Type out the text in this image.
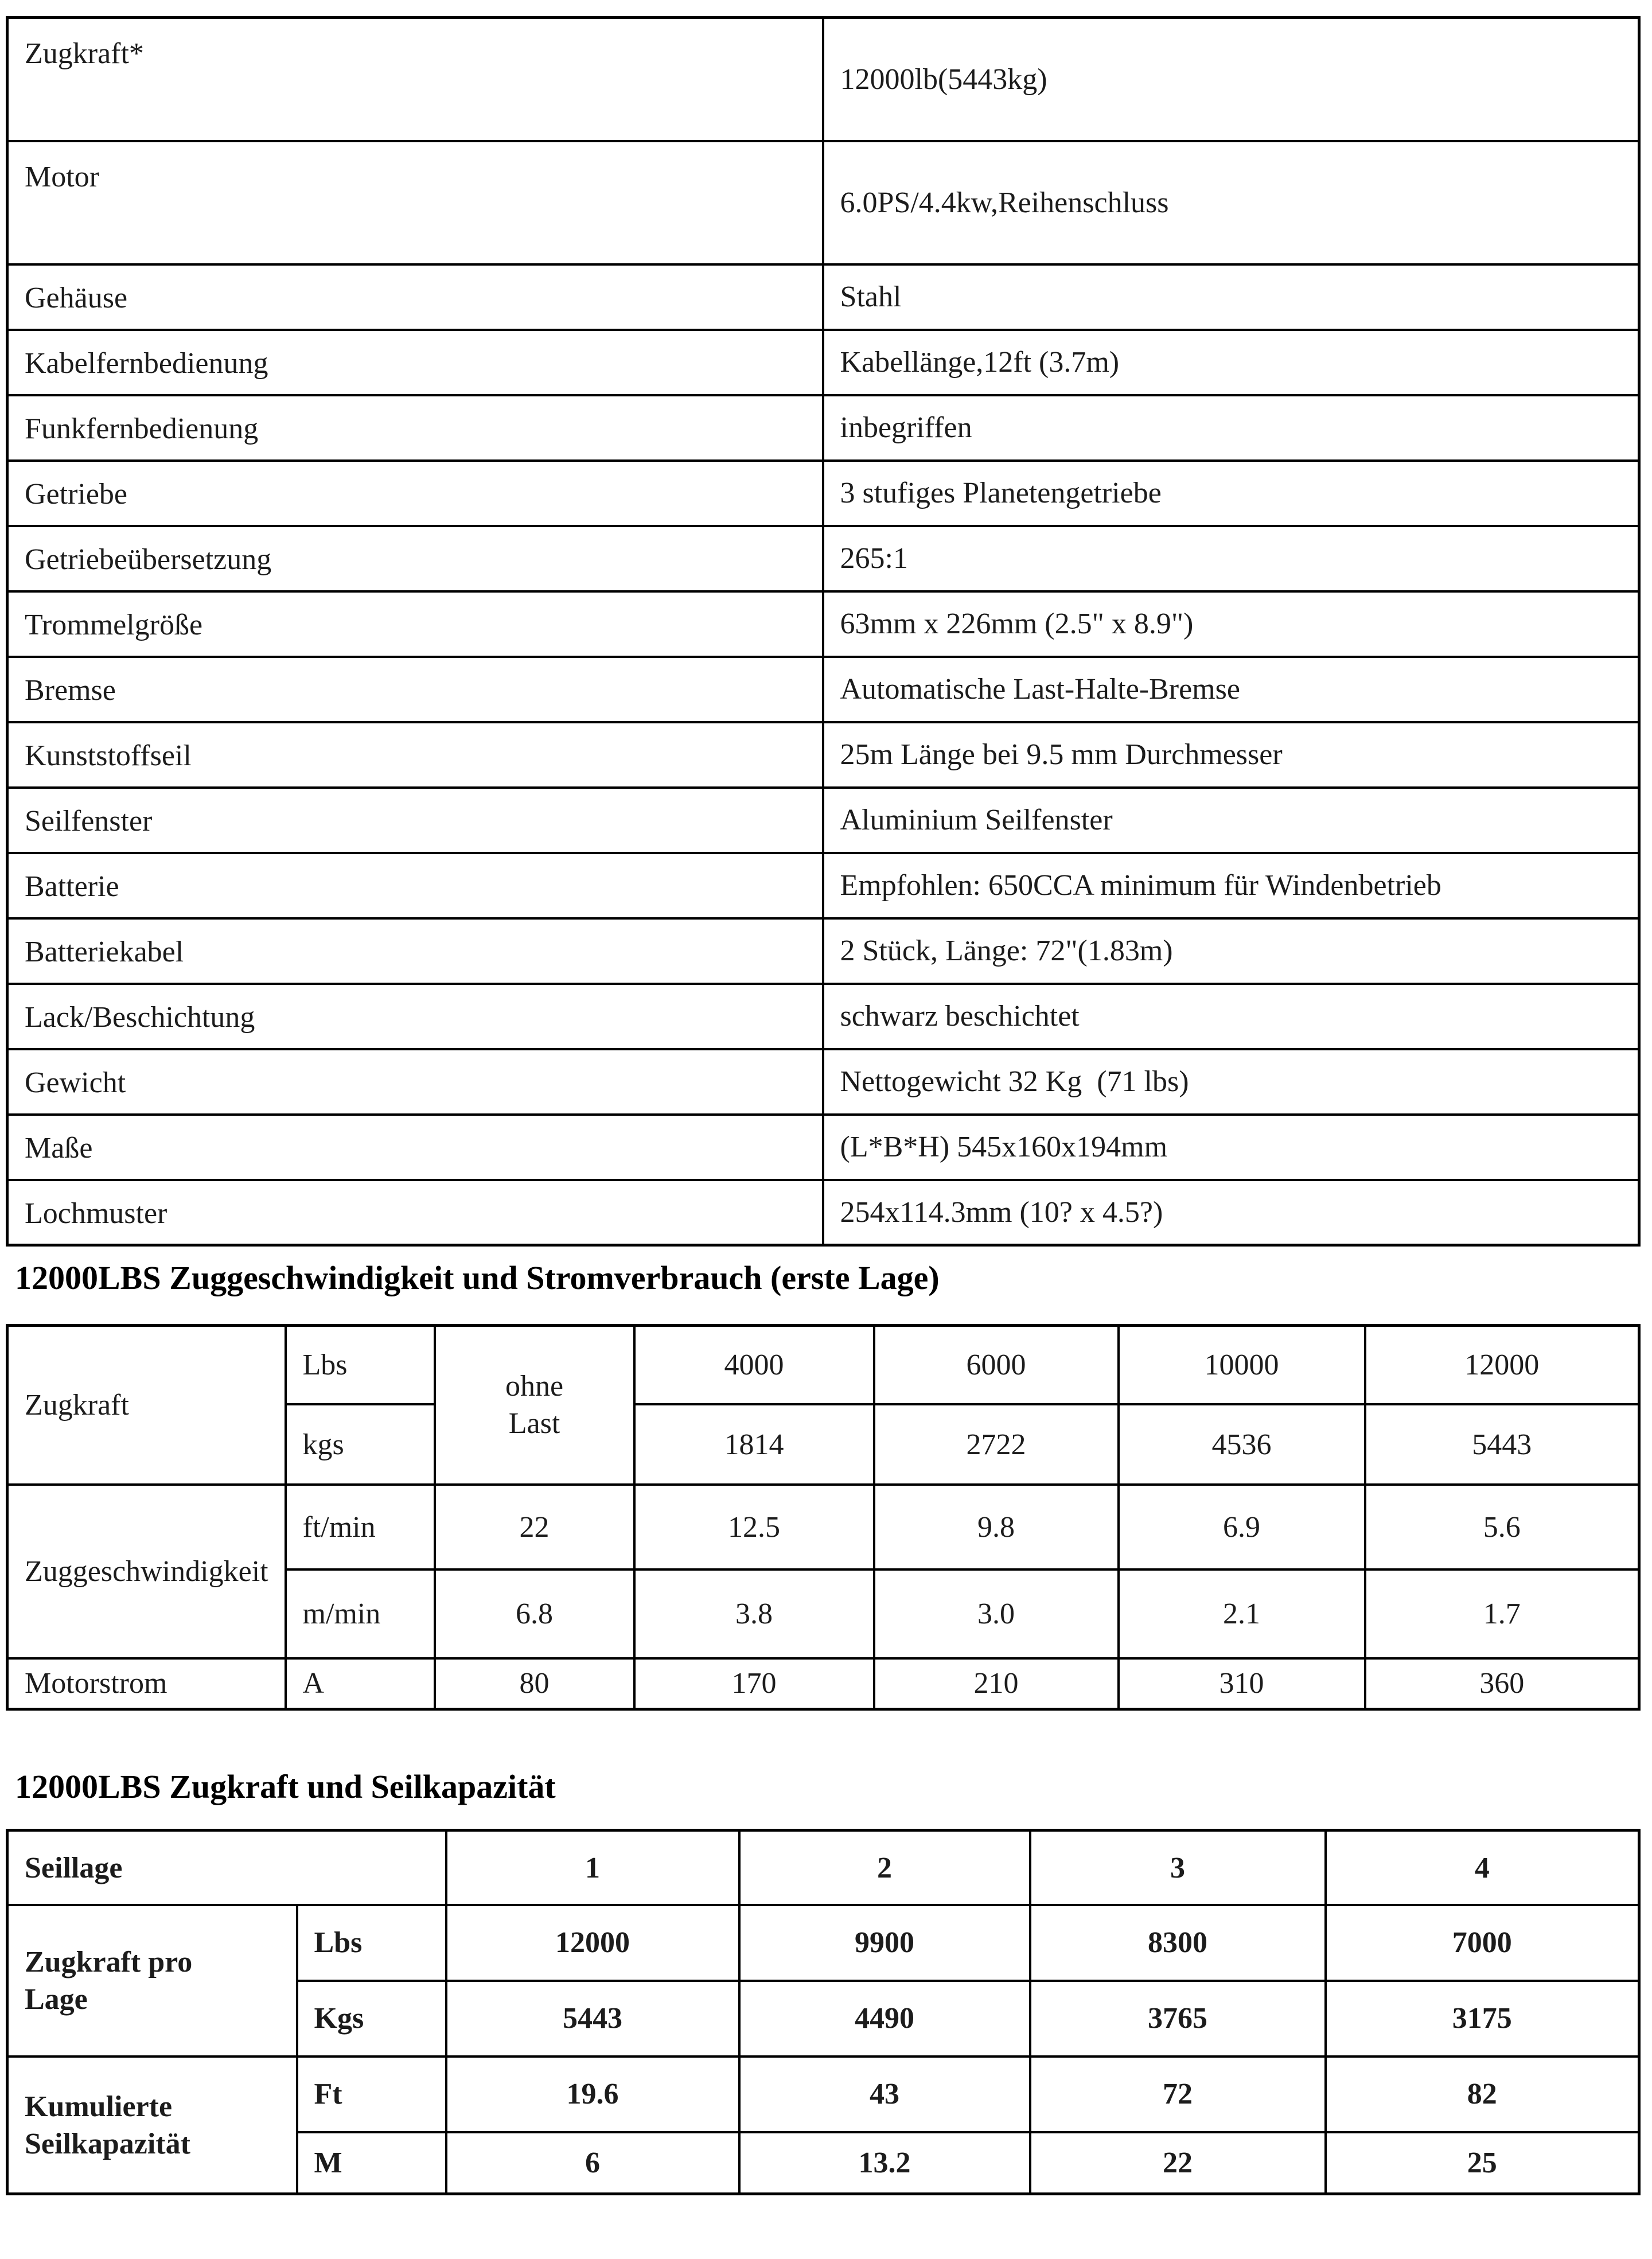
Zugkraft*	12000lb(5443kg)
Motor	6.0PS/4.4kw,Reihenschluss
Gehäuse	Stahl
Kabelfernbedienung	Kabellänge,12ft (3.7m)
Funkfernbedienung	inbegriffen
Getriebe	3 stufiges Planetengetriebe
Getriebeübersetzung	265:1
Trommelgröße	63mm x 226mm (2.5" x 8.9")
Bremse	Automatische Last-Halte-Bremse
Kunststoffseil	25m Länge bei 9.5 mm Durchmesser
Seilfenster	Aluminium Seilfenster
Batterie	Empfohlen: 650CCA minimum für Windenbetrieb
Batteriekabel	2 Stück, Länge: 72"(1.83m)
Lack/Beschichtung	schwarz beschichtet
Gewicht	Nettogewicht 32 Kg  (71 lbs)
Maße	(L*B*H) 545x160x194mm
Lochmuster	254x114.3mm (10? x 4.5?)
12000LBS Zuggeschwindigkeit und Stromverbrauch (erste Lage)
Zugkraft	Lbs	ohne Last	4000	6000	10000	12000
	kgs		1814	2722	4536	5443
Zuggeschwindigkeit	ft/min	22	12.5	9.8	6.9	5.6
	m/min	6.8	3.8	3.0	2.1	1.7
Motorstrom	A	80	170	210	310	360
12000LBS Zugkraft und Seilkapazität
Seillage		1	2	3	4
Zugkraft pro Lage	Lbs	12000	9900	8300	7000
	Kgs	5443	4490	3765	3175
Kumulierte Seilkapazität	Ft	19.6	43	72	82
	M	6	13.2	22	25
